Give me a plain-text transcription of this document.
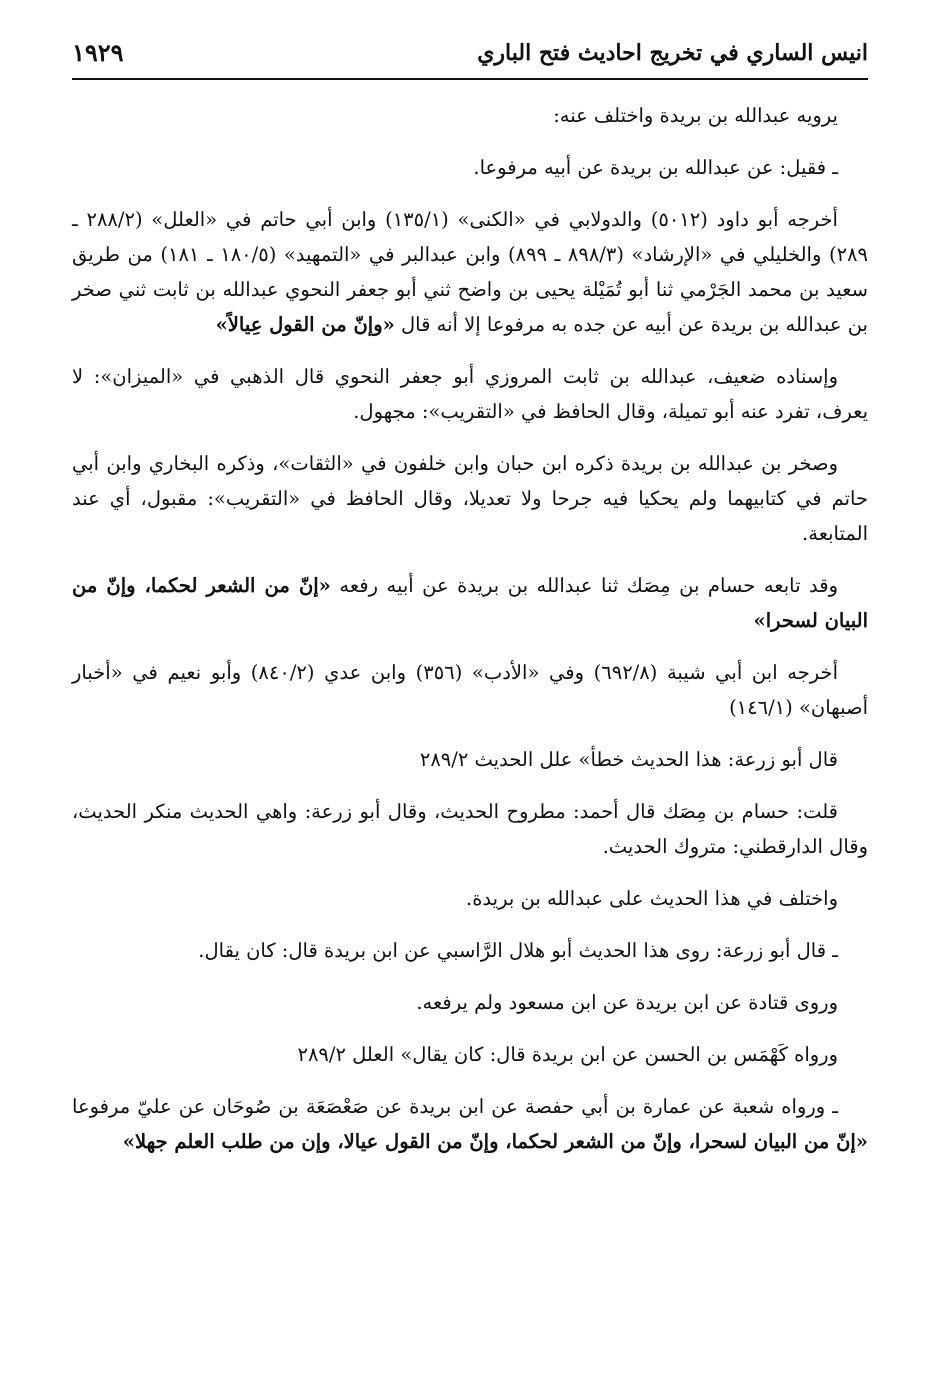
انيس الساري في تخريج احاديث فتح الباري
١٩٢٩

يرويه عبدالله بن بريدة واختلف عنه:

ـ فقيل: عن عبدالله بن بريدة عن أبيه مرفوعا.

أخرجه أبو داود (٥٠١٢) والدولابي في «الكنى» (١٣٥/١) وابن أبي حاتم في «العلل» (٢٨٨/٢ ـ ٢٨٩) والخليلي في «الإرشاد» (٨٩٨/٣ ـ ٨٩٩) وابن عبدالبر في «التمهيد» (١٨٠/٥ ـ ١٨١) من طريق سعيد بن محمد الجَرْمي ثنا أبو تُمَيْلة يحيى بن واضح ثني أبو جعفر النحوي عبدالله بن ثابت ثني صخر بن عبدالله بن بريدة عن أبيه عن جده به مرفوعا إلا أنه قال «وإنّ من القول عِيالاً»

وإسناده ضعيف، عبدالله بن ثابت المروزي أبو جعفر النحوي قال الذهبي في «الميزان»: لا يعرف، تفرد عنه أبو تميلة، وقال الحافظ في «التقريب»: مجهول.

وصخر بن عبدالله بن بريدة ذكره ابن حبان وابن خلفون في «الثقات»، وذكره البخاري وابن أبي حاتم في كتابيهما ولم يحكيا فيه جرحا ولا تعديلا، وقال الحافظ في «التقريب»: مقبول، أي عند المتابعة.

وقد تابعه حسام بن مِصَك ثنا عبدالله بن بريدة عن أبيه رفعه «إنّ من الشعر لحكما، وإنّ من البيان لسحرا»

أخرجه ابن أبي شيبة (٦٩٢/٨) وفي «الأدب» (٣٥٦) وابن عدي (٨٤٠/٢) وأبو نعيم في «أخبار أصبهان» (١٤٦/١)

قال أبو زرعة: هذا الحديث خطأ» علل الحديث ٢٨٩/٢

قلت: حسام بن مِصَك قال أحمد: مطروح الحديث، وقال أبو زرعة: واهي الحديث منكر الحديث، وقال الدارقطني: متروك الحديث.

واختلف في هذا الحديث على عبدالله بن بريدة.

ـ قال أبو زرعة: روى هذا الحديث أبو هلال الرَّاسبي عن ابن بريدة قال: كان يقال.

وروى قتادة عن ابن بريدة عن ابن مسعود ولم يرفعه.

ورواه كَهْمَس بن الحسن عن ابن بريدة قال: كان يقال» العلل ٢٨٩/٢

ـ ورواه شعبة عن عمارة بن أبي حفصة عن ابن بريدة عن صَعْصَعَة بن صُوحَان عن عليّ مرفوعا «إنّ من البيان لسحرا، وإنّ من الشعر لحكما، وإنّ من القول عيالا، وإن من طلب العلم جهلا»
